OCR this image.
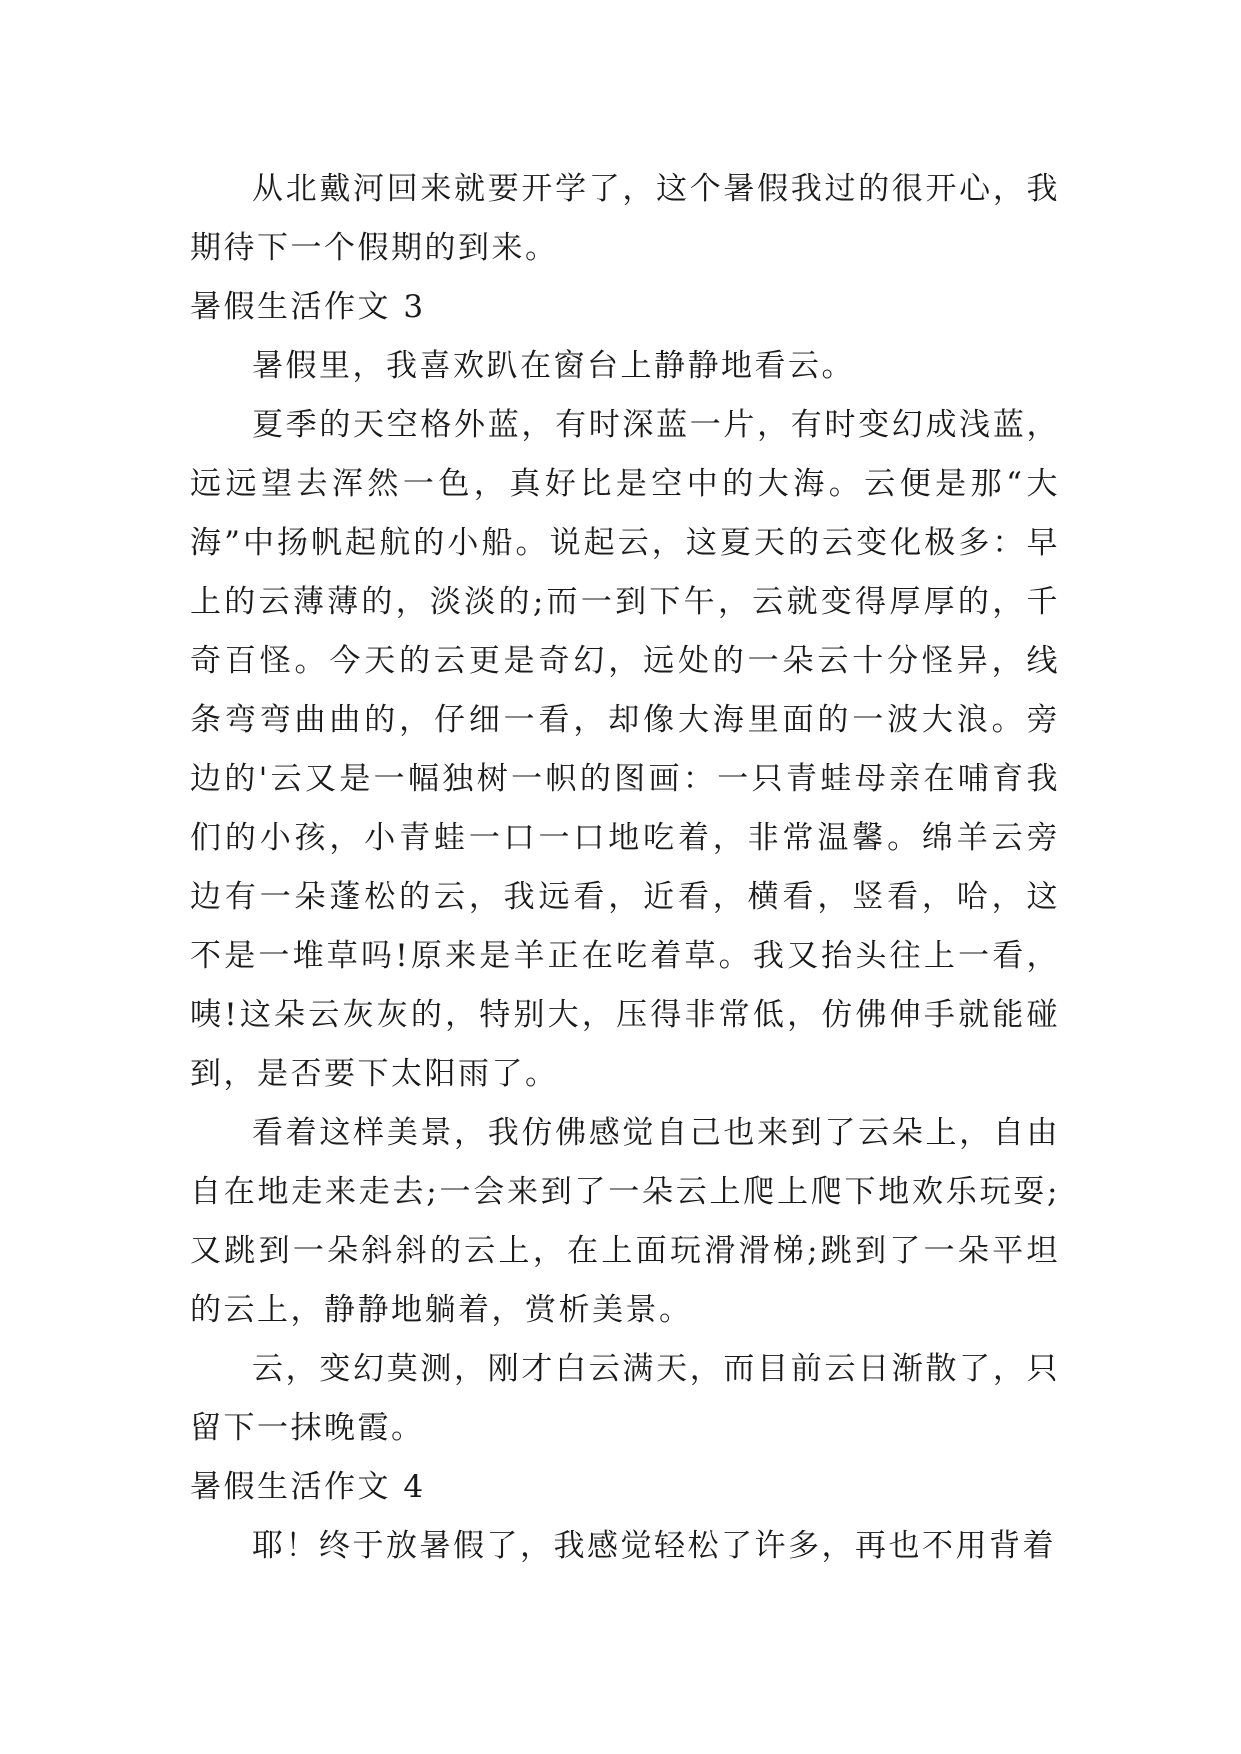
从北戴河回来就要开学了，这个暑假我过的很开心，我期待下一个假期的到来。

暑假生活作文 3

暑假里，我喜欢趴在窗台上静静地看云。

夏季的天空格外蓝，有时深蓝一片，有时变幻成浅蓝，远远望去浑然一色，真好比是空中的大海。云便是那“大海”中扬帆起航的小船。说起云，这夏天的云变化极多：早上的云薄薄的，淡淡的;而一到下午，云就变得厚厚的，千奇百怪。今天的云更是奇幻，远处的一朵云十分怪异，线条弯弯曲曲的，仔细一看，却像大海里面的一波大浪。旁边的'云又是一幅独树一帜的图画：一只青蛙母亲在哺育我们的小孩，小青蛙一口一口地吃着，非常温馨。绵羊云旁边有一朵蓬松的云，我远看，近看，横看，竖看，哈，这不是一堆草吗!原来是羊正在吃着草。我又抬头往上一看，咦!这朵云灰灰的，特别大，压得非常低，仿佛伸手就能碰到，是否要下太阳雨了。

看着这样美景，我仿佛感觉自己也来到了云朵上，自由自在地走来走去;一会来到了一朵云上爬上爬下地欢乐玩耍;又跳到一朵斜斜的云上，在上面玩滑滑梯;跳到了一朵平坦的云上，静静地躺着，赏析美景。

云，变幻莫测，刚才白云满天，而目前云日渐散了，只留下一抹晚霞。

暑假生活作文 4

耶！终于放暑假了，我感觉轻松了许多，再也不用背着
